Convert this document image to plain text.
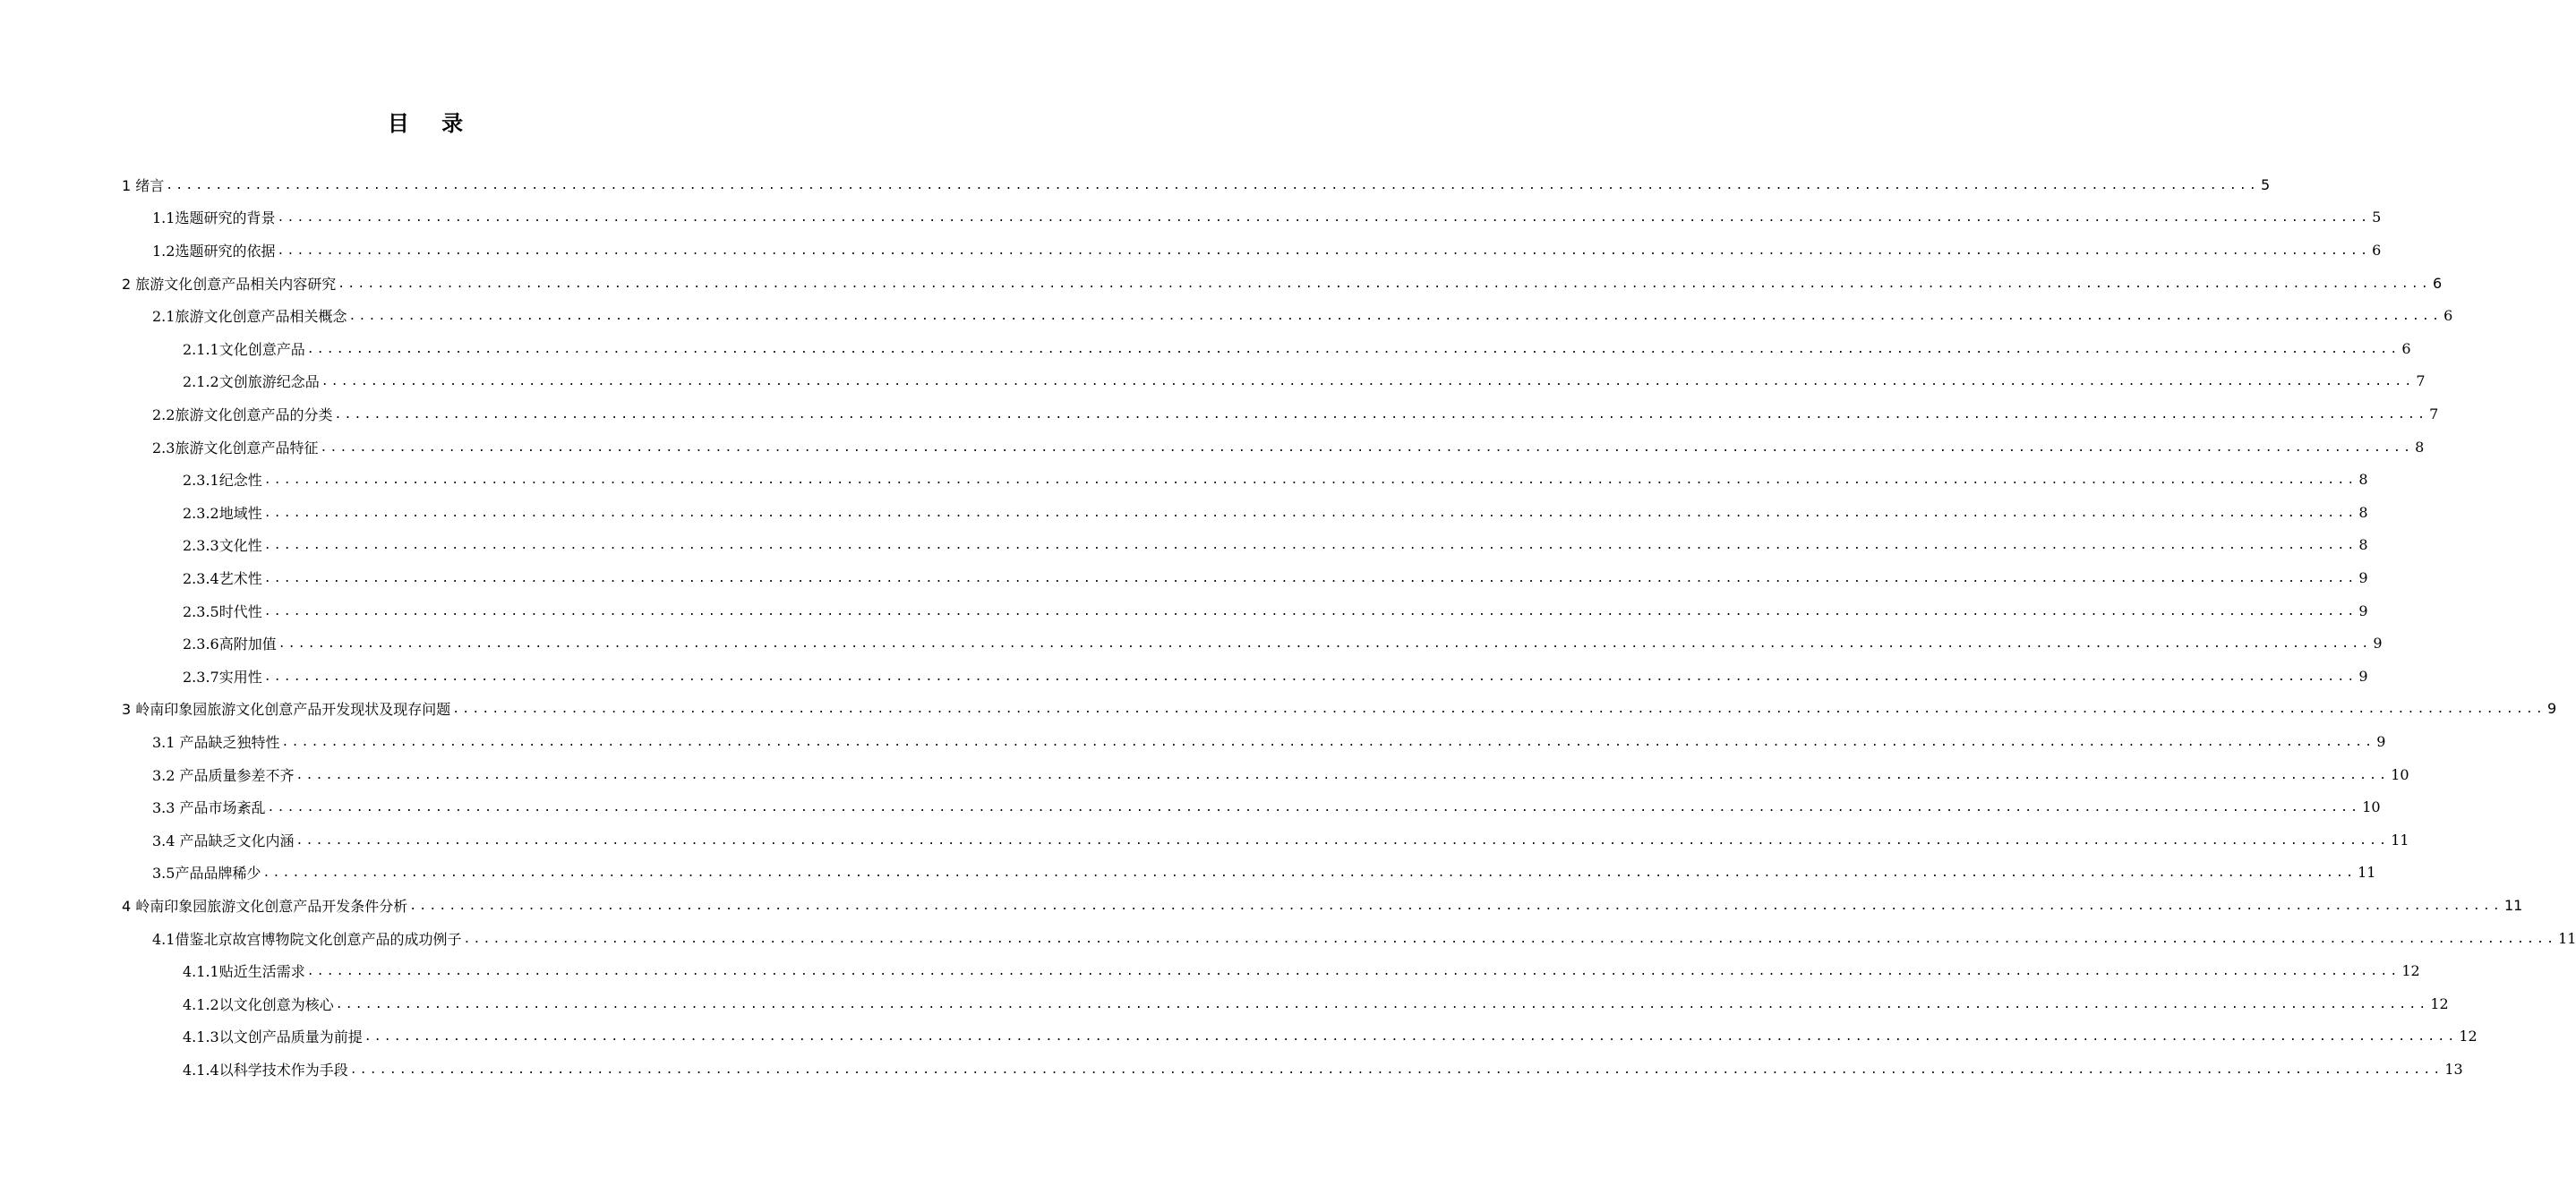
目 录
1 绪言 .................................................................................................................................................................................................................... 5
1.1选题研究的背景 .................................................................................................................................................................................................................... 5
1.2选题研究的依据 .................................................................................................................................................................................................................... 6
2 旅游文化创意产品相关内容研究 .................................................................................................................................................................................................................... 6
2.1旅游文化创意产品相关概念 .................................................................................................................................................................................................................... 6
2.1.1文化创意产品 .................................................................................................................................................................................................................... 6
2.1.2文创旅游纪念品 .................................................................................................................................................................................................................... 7
2.2旅游文化创意产品的分类 .................................................................................................................................................................................................................... 7
2.3旅游文化创意产品特征 .................................................................................................................................................................................................................... 8
2.3.1纪念性 .................................................................................................................................................................................................................... 8
2.3.2地域性 .................................................................................................................................................................................................................... 8
2.3.3文化性 .................................................................................................................................................................................................................... 8
2.3.4艺术性 .................................................................................................................................................................................................................... 9
2.3.5时代性 .................................................................................................................................................................................................................... 9
2.3.6高附加值 .................................................................................................................................................................................................................... 9
2.3.7实用性 .................................................................................................................................................................................................................... 9
3 岭南印象园旅游文化创意产品开发现状及现存问题 .................................................................................................................................................................................................................... 9
3.1 产品缺乏独特性 .................................................................................................................................................................................................................... 9
3.2 产品质量参差不齐 .................................................................................................................................................................................................................... 10
3.3 产品市场紊乱 .................................................................................................................................................................................................................... 10
3.4 产品缺乏文化内涵 .................................................................................................................................................................................................................... 11
3.5产品品牌稀少 .................................................................................................................................................................................................................... 11
4 岭南印象园旅游文化创意产品开发条件分析 .................................................................................................................................................................................................................... 11
4.1借鉴北京故宫博物院文化创意产品的成功例子 .................................................................................................................................................................................................................... 11
4.1.1贴近生活需求 .................................................................................................................................................................................................................... 12
4.1.2以文化创意为核心 .................................................................................................................................................................................................................... 12
4.1.3以文创产品质量为前提 .................................................................................................................................................................................................................... 12
4.1.4以科学技术作为手段 .................................................................................................................................................................................................................... 13
